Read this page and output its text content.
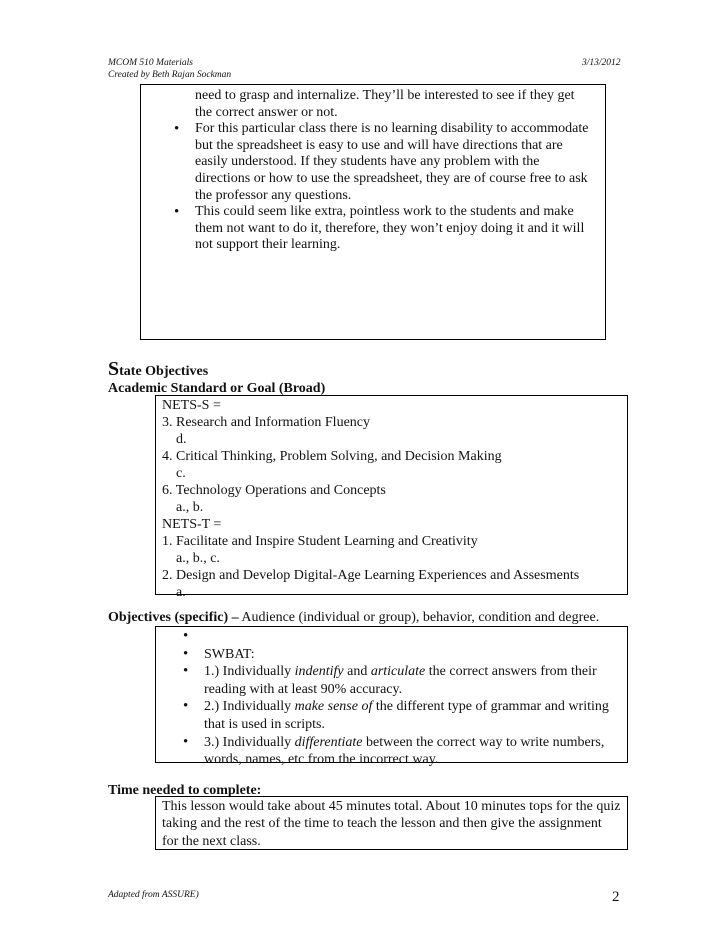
MCOM 510 Materials
Created by Beth Rajan Sockman
3/13/2012
need to grasp and internalize. They’ll be interested to see if they get the correct answer or not.
• For this particular class there is no learning disability to accommodate but the spreadsheet is easy to use and will have directions that are easily understood. If they students have any problem with the directions or how to use the spreadsheet, they are of course free to ask the professor any questions.
• This could seem like extra, pointless work to the students and make them not want to do it, therefore, they won’t enjoy doing it and it will not support their learning.
State Objectives
Academic Standard or Goal (Broad)
NETS-S =
3. Research and Information Fluency
d.
4. Critical Thinking, Problem Solving, and Decision Making
c.
6. Technology Operations and Concepts
a., b.
NETS-T =
1. Facilitate and Inspire Student Learning and Creativity
a., b., c.
2. Design and Develop Digital-Age Learning Experiences and Assesments
a.
Objectives (specific) – Audience (individual or group), behavior, condition and degree.
•
• SWBAT:
• 1.) Individually indentify and articulate the correct answers from their reading with at least 90% accuracy.
• 2.) Individually make sense of the different type of grammar and writing that is used in scripts.
• 3.) Individually differentiate between the correct way to write numbers, words, names, etc from the incorrect way.
Time needed to complete:
This lesson would take about 45 minutes total. About 10 minutes tops for the quiz taking and the rest of the time to teach the lesson and then give the assignment for the next class.
Adapted from ASSURE)	2
